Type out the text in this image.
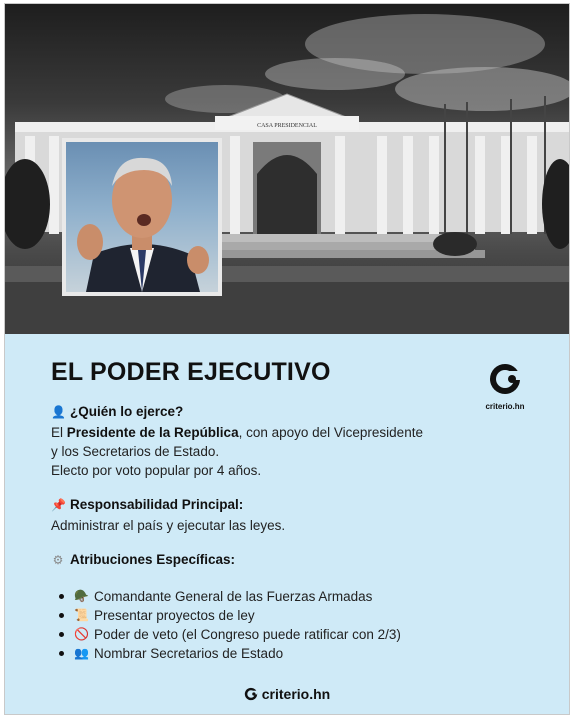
CASA PRESIDENCIAL
EL PODER EJECUTIVO
criterio.hn
👤 ¿Quién lo ejerce?
El Presidente de la República, con apoyo del Vicepresidente
y los Secretarios de Estado.
Electo por voto popular por 4 años.
📌 Responsabilidad Principal:
Administrar el país y ejecutar las leyes.
⚙ Atribuciones Específicas:
🪖 Comandante General de las Fuerzas Armadas
📜 Presentar proyectos de ley
🚫 Poder de veto (el Congreso puede ratificar con 2/3)
👥 Nombrar Secretarios de Estado
criterio.hn
